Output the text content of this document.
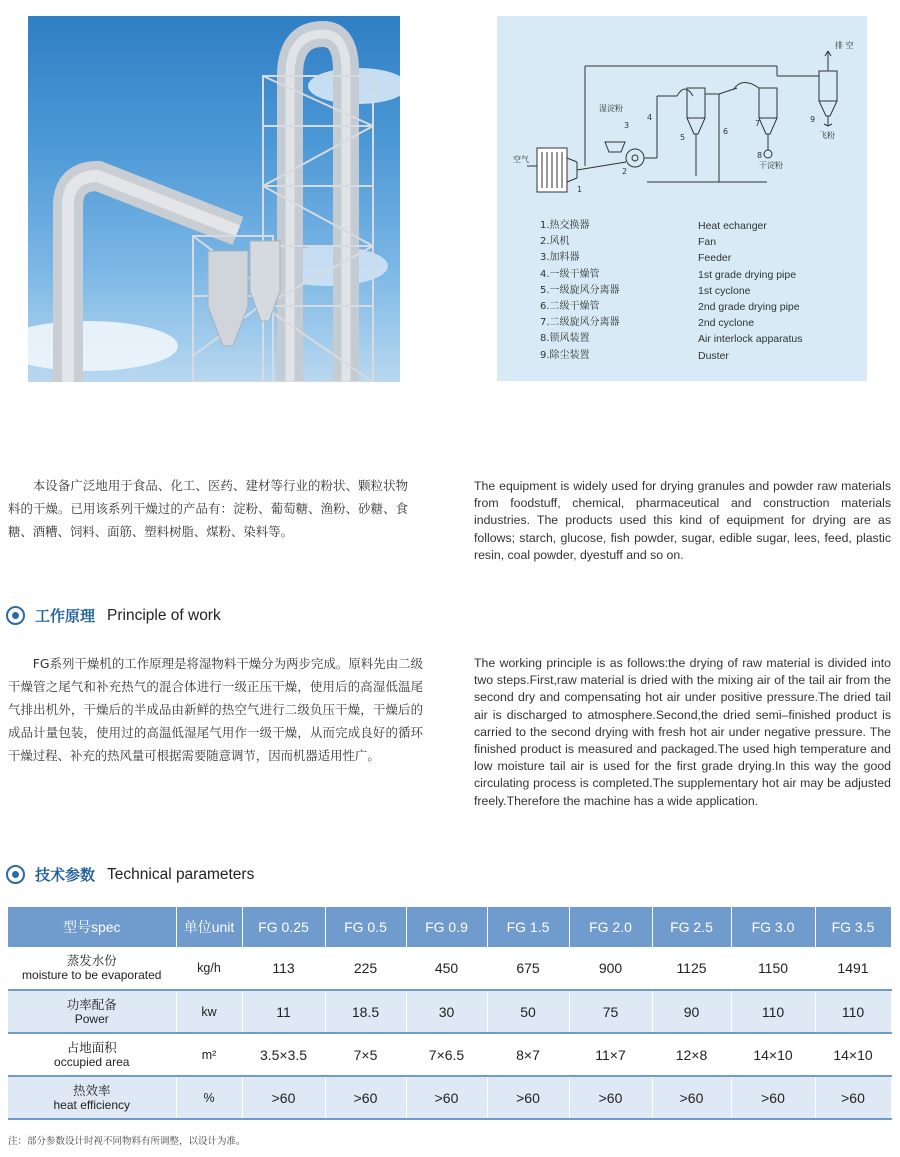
排 空
空气
湿淀粉
干淀粉
飞粉
1
2
3
4
5
6
7
8
9
1.热交换器	Heat echanger
2.风机	Fan
3.加料器	Feeder
4.一级干燥管	1st grade drying pipe
5.一级旋风分离器	1st cyclone
6.二级干燥管	2nd grade drying pipe
7.二级旋风分离器	2nd cyclone
8.锁风装置	Air interlock apparatus
9.除尘装置	Duster

本设备广泛地用于食品、化工、医药、建材等行业的粉状、颗粒状物料的干燥。已用该系列干燥过的产品有：淀粉、葡萄糖、渔粉、砂糖、食糖、酒糟、饲料、面筋、塑料树脂、煤粉、染料等。

The equipment is widely used for drying granules and powder raw materials from foodstuff, chemical, pharmaceutical and construction materials industries. The products used this kind of equipment for drying are as follows; starch, glucose, fish powder, sugar, edible sugar, lees, feed, plastic resin, coal powder, dyestuff and so on.

工作原理 Principle of work

FG系列干燥机的工作原理是将湿物料干燥分为两步完成。原料先由二级干燥管之尾气和补充热气的混合体进行一级正压干燥，使用后的高湿低温尾气排出机外，干燥后的半成品由新鲜的热空气进行二级负压干燥，干燥后的成品计量包装，使用过的高温低湿尾气用作一级干燥，从而完成良好的循环干燥过程、补充的热风量可根据需要随意调节，因而机器适用性广。

The working principle is as follows:the drying of raw material is divided into two steps.First,raw material is dried with the mixing air of the tail air from the second dry and compensating hot air under positive pressure.The dried tail air is discharged to atmosphere.Second,the dried semi–finished product is carried to the second drying with fresh hot air under negative pressure. The finished product is measured and packaged.The used high temperature and low moisture tail air is used for the first grade drying.In this way the good circulating process is completed.The supplementary hot air may be adjusted freely.Therefore the machine has a wide application.

技术参数 Technical parameters
型号spec	单位unit	FG 0.25	FG 0.5	FG 0.9	FG 1.5	FG 2.0	FG 2.5	FG 3.0	FG 3.5

蒸发水份
moisture to be evaporated	kg/h	113	225	450	675	900	1125	1150	1491

功率配备
Power	kw	11	18.5	30	50	75	90	110	110

占地面积
occupied area	m²	3.5×3.5	7×5	7×6.5	8×7	11×7	12×8	14×10	14×10

热效率
heat efficiency	%	>60	>60	>60	>60	>60	>60	>60	>60
注：部分参数设计时视不同物料有所调整，以设计为准。
